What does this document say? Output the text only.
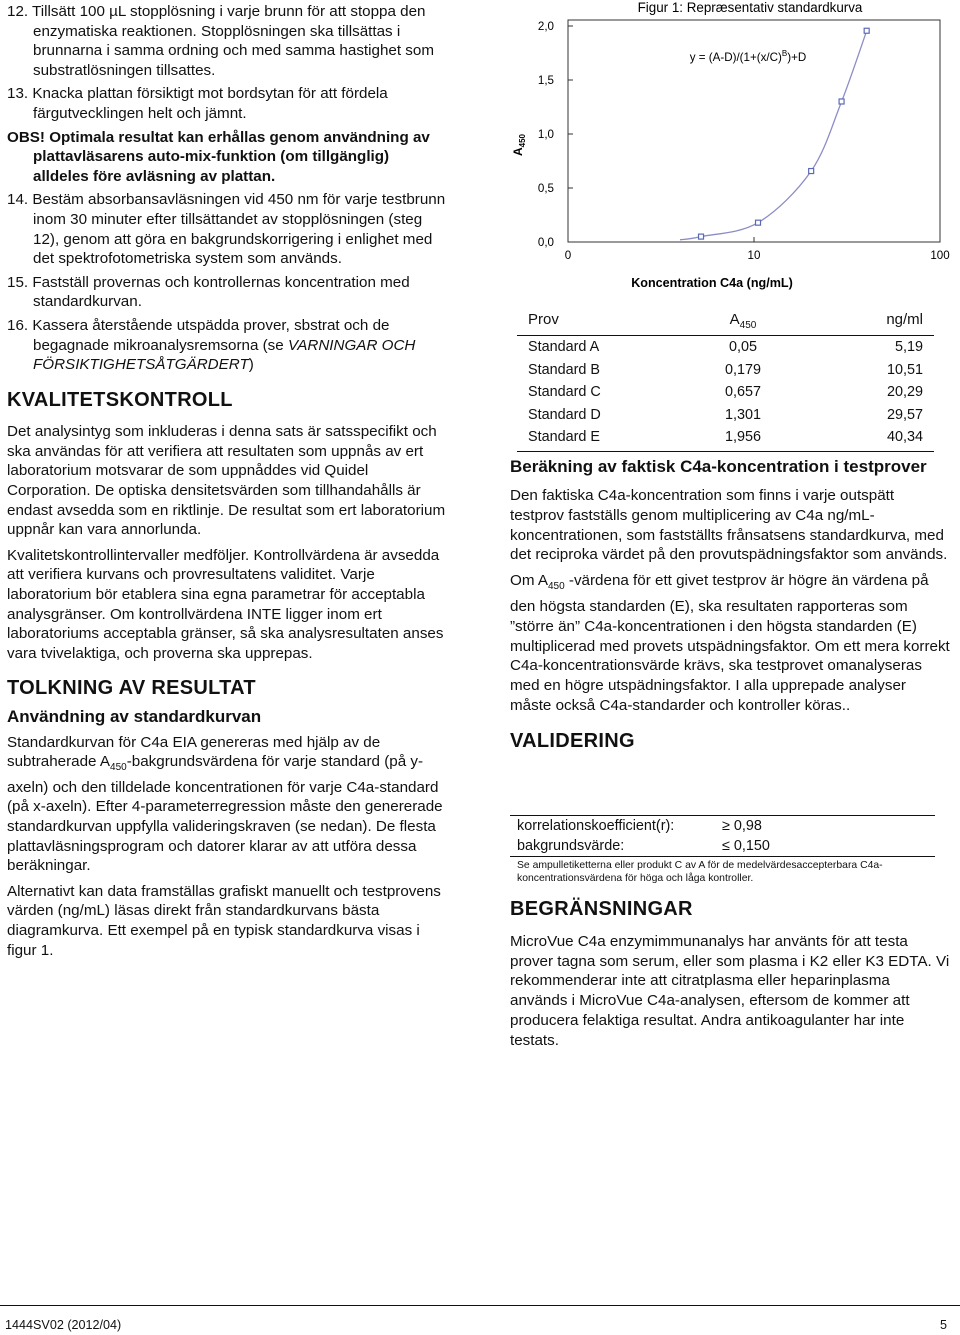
12. Tillsätt 100 µL stopplösning i varje brunn för att stoppa den enzymatiska reaktionen. Stopplösningen ska tillsättas i brunnarna i samma ordning och med samma hastighet som substratlösningen tillsattes.

13. Knacka plattan försiktigt mot bordsytan för att fördela färgutvecklingen helt och jämnt.

OBS! Optimala resultat kan erhållas genom användning av plattavläsarens auto-mix-funktion (om tillgänglig) alldeles före avläsning av plattan.

14. Bestäm absorbansavläsningen vid 450 nm för varje testbrunn inom 30 minuter efter tillsättandet av stopplösningen (steg 12), genom att göra en bakgrundskorrigering i enlighet med det spektrofotometriska system som används.

15. Fastställ provernas och kontrollernas koncentration med standardkurvan.

16. Kassera återstående utspädda prover, sbstrat och de begagnade mikroanalysremsorna (se VARNINGAR OCH FÖRSIKTIGHETSÅTGÄRDERT)

KVALITETSKONTROLL

Det analysintyg som inkluderas i denna sats är satsspecifikt och ska användas för att verifiera att resultaten som uppnås av ert laboratorium motsvarar de som uppnåddes vid Quidel Corporation. De optiska densitetsvärden som tillhandahålls är endast avsedda som en riktlinje. De resultat som ert laboratorium uppnår kan vara annorlunda.

Kvalitetskontrollintervaller medföljer. Kontrollvärdena är avsedda att verifiera kurvans och provresultatens validitet. Varje laboratorium bör etablera sina egna parametrar för acceptabla analysgränser. Om kontrollvärdena INTE ligger inom ert laboratoriums acceptabla gränser, så ska analysresultaten anses vara tvivelaktiga, och proverna ska upprepas.

TOLKNING AV RESULTAT
Användning av standardkurvan

Standardkurvan för C4a EIA genereras med hjälp av de subtraherade $A_{450}$-bakgrundsvärdena för varje standard (på y-axeln) och den tilldelade koncentrationen för varje C4a-standard (på x-axeln). Efter 4-parameterregression måste den genererade standardkurvan uppfylla valideringskraven (se nedan). De flesta plattavläsningsprogram och datorer klarar av att utföra dessa beräkningar.

Alternativt kan data framställas grafiskt manuellt och testprovens värden (ng/mL) läsas direkt från standardkurvans bästa diagramkurva. Ett exempel på en typisk standardkurva visas i figur 1.

Figur 1: Repræsentativ standardkurva
$y = (A-D)/(1+(x/C)^B)+D$
0,0
0,5
1,0
1,5
2,0
0	10	100
$A_{450}$
Koncentration C4a (ng/mL)
Prov	$A_{450}$	ng/ml
Standard A	0,05	5,19
Standard B	0,179	10,51
Standard C	0,657	20,29
Standard D	1,301	29,57
Standard E	1,956	40,34
Beräkning av faktisk C4a-koncentration i testprover

Den faktiska C4a-koncentration som finns i varje outspätt testprov fastställs genom multiplicering av C4a ng/mL-koncentrationen, som fastställts frånsatsens standardkurva, med det reciproka värdet på den provutspädningsfaktor som används.

Om $A_{450}$ -värdena för ett givet testprov är högre än värdena på den högsta standarden (E), ska resultaten rapporteras som ”större än” C4a-koncentrationen i den högsta standarden (E) multiplicerad med provets utspädningsfaktor. Om ett mera korrekt C4a-koncentrationsvärde krävs, ska testprovet omanalyseras med en högre utspädningsfaktor. I alla upprepade analyser måste också C4a-standarder och kontroller köras..

VALIDERING
korrelationskoefficient(r):	≥ 0,98
bakgrundsvärde:	≤ 0,150
Se ampulletiketterna eller produkt C av A för de medelvärdesaccepterbara C4a-koncentrationsvärdena för höga och låga kontroller.
BEGRÄNSNINGAR

MicroVue C4a enzymimmunanalys har använts för att testa prover tagna som serum, eller som plasma i K2 eller K3 EDTA. Vi rekommenderar inte att citratplasma eller heparinplasma används i MicroVue C4a-analysen, eftersom de kommer att producera felaktiga resultat. Andra antikoagulanter har inte testats.

1444SV02 (2012/04)	5
